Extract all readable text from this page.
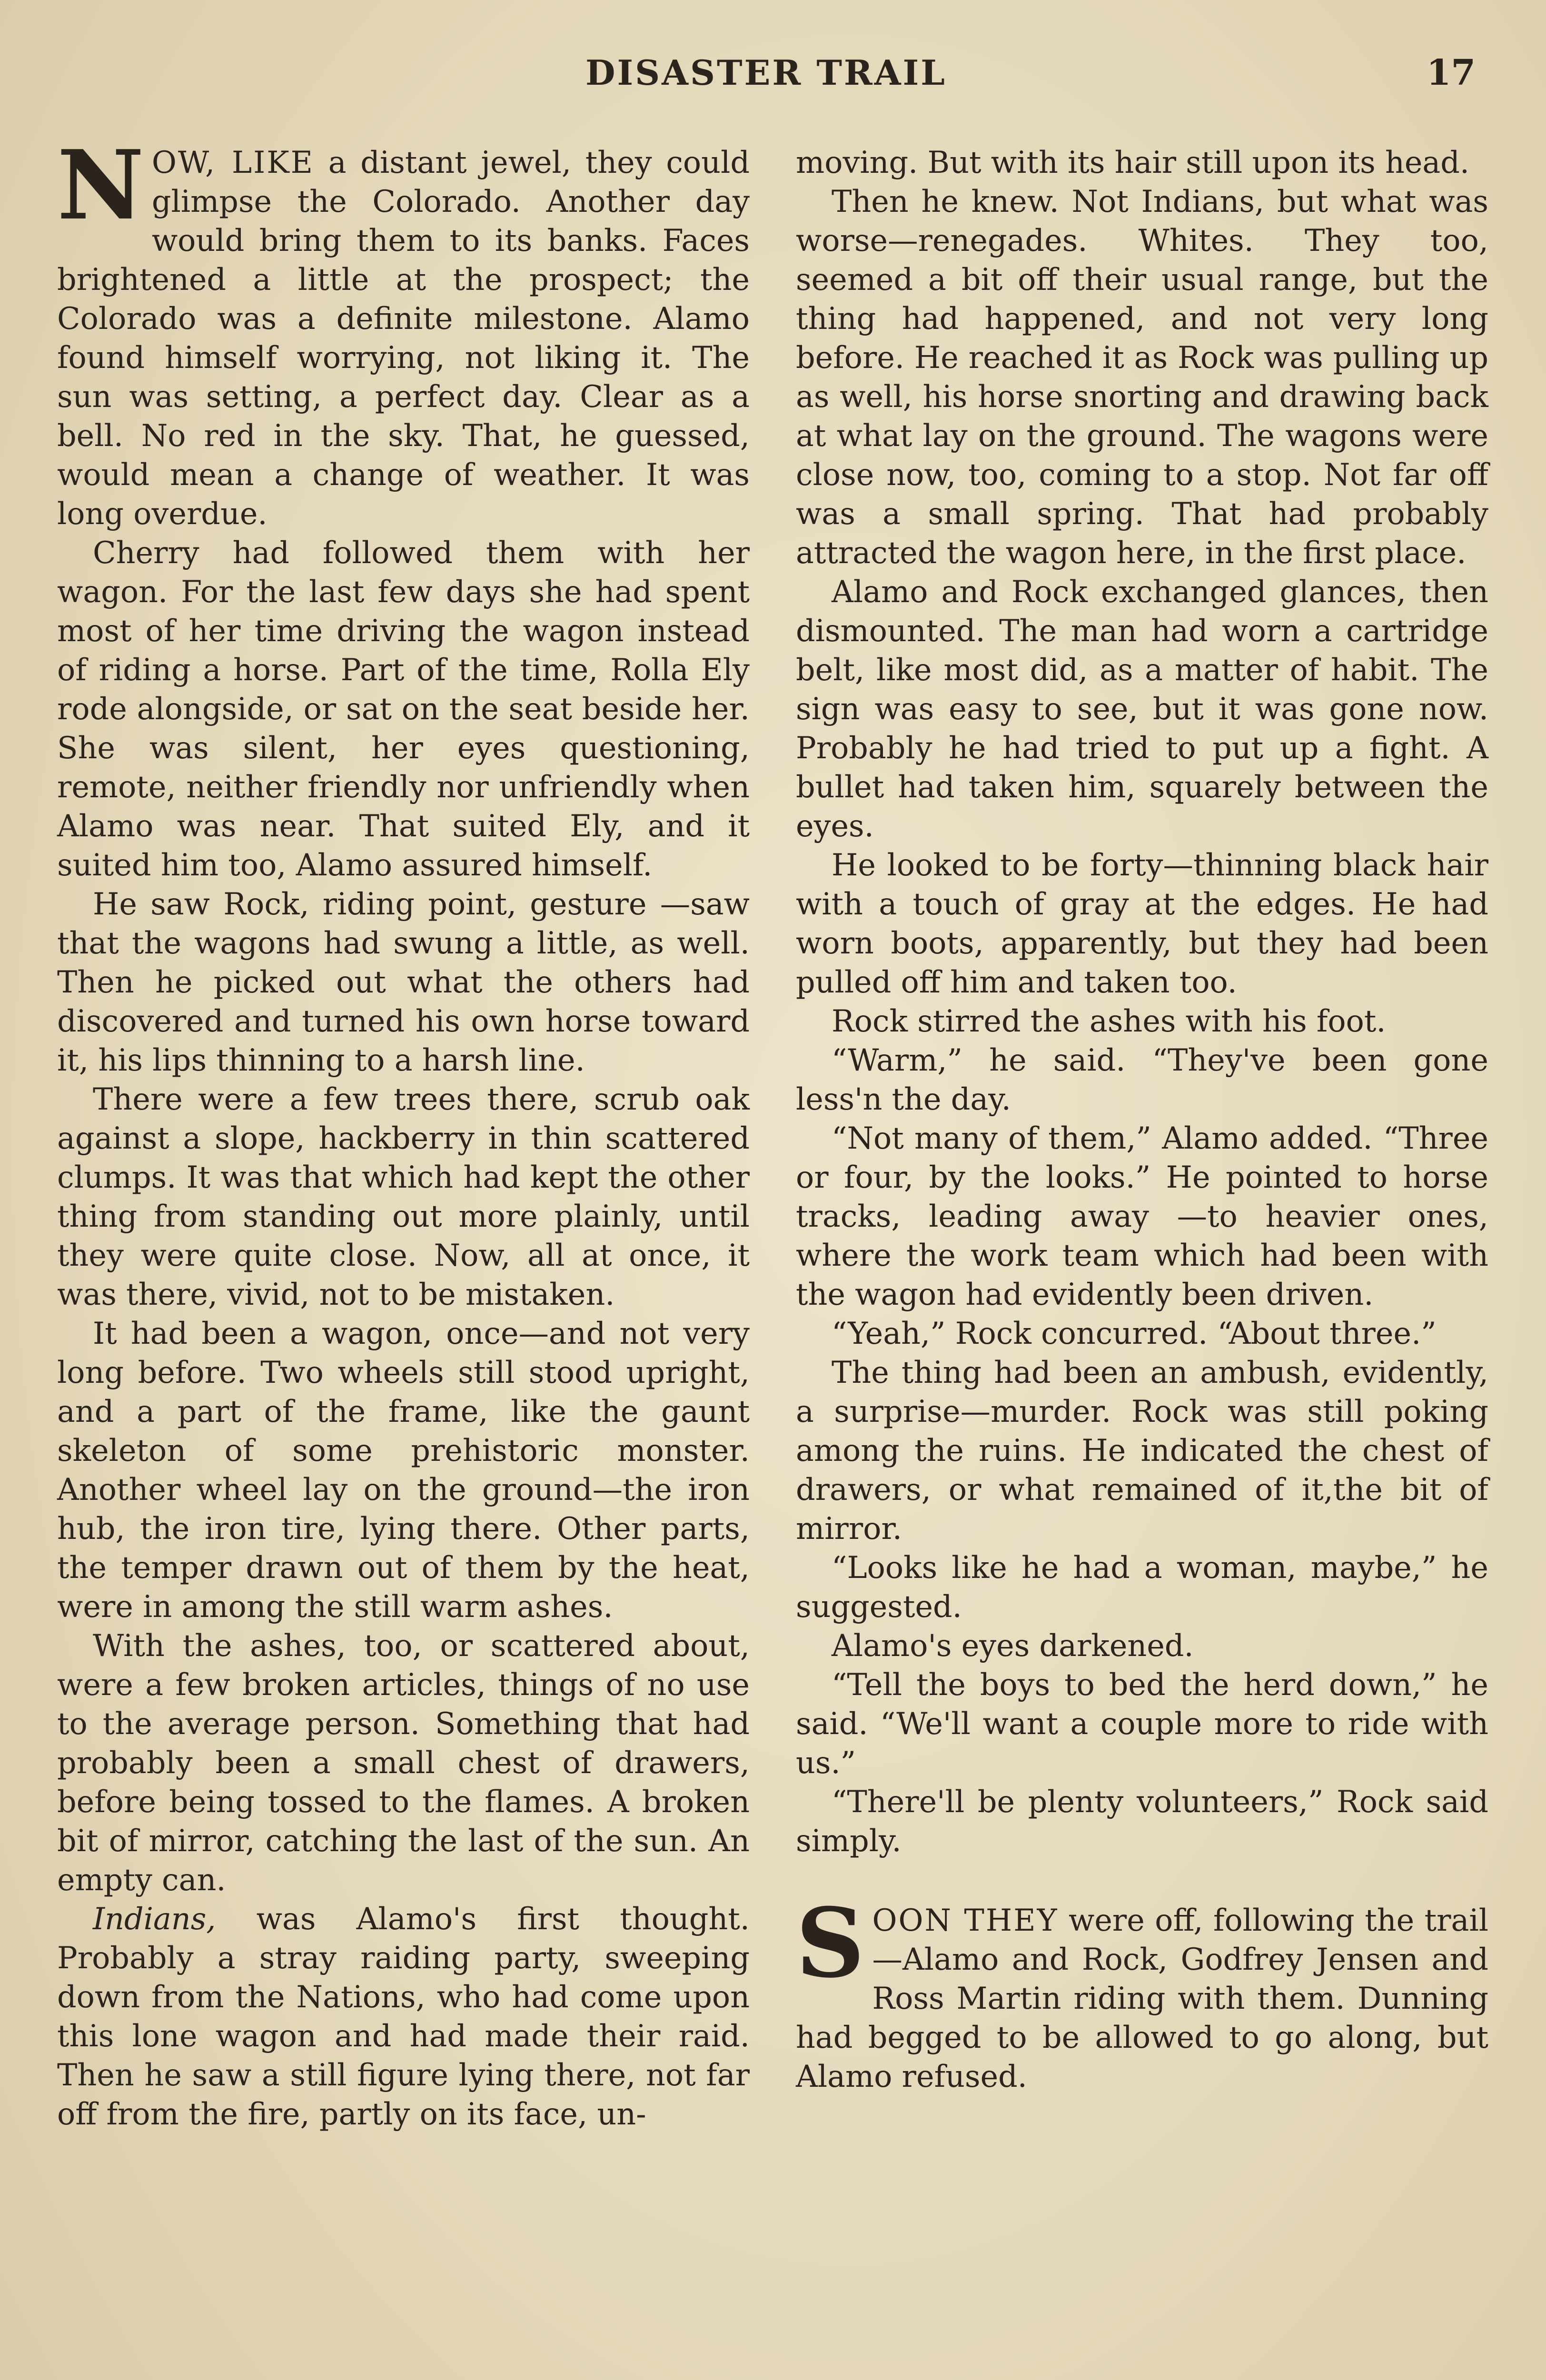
DISASTER TRAIL	17

NOW, LIKE a distant jewel, they could glimpse the Colorado. Another day would bring them to its banks. Faces brightened a little at the prospect; the Colorado was a definite milestone. Alamo found himself worrying, not liking it. The sun was setting, a perfect day. Clear as a bell. No red in the sky. That, he guessed, would mean a change of weather. It was long overdue.

Cherry had followed them with her wagon. For the last few days she had spent most of her time driving the wagon instead of riding a horse. Part of the time, Rolla Ely rode alongside, or sat on the seat beside her. She was silent, her eyes questioning, remote, neither friendly nor unfriendly when Alamo was near. That suited Ely, and it suited him too, Alamo assured himself.

He saw Rock, riding point, gesture —saw that the wagons had swung a little, as well. Then he picked out what the others had discovered and turned his own horse toward it, his lips thinning to a harsh line.

There were a few trees there, scrub oak against a slope, hackberry in thin scattered clumps. It was that which had kept the other thing from standing out more plainly, until they were quite close. Now, all at once, it was there, vivid, not to be mistaken.

It had been a wagon, once—and not very long before. Two wheels still stood upright, and a part of the frame, like the gaunt skeleton of some prehistoric monster. Another wheel lay on the ground—the iron hub, the iron tire, lying there. Other parts, the temper drawn out of them by the heat, were in among the still warm ashes.

With the ashes, too, or scattered about, were a few broken articles, things of no use to the average person. Something that had probably been a small chest of drawers, before being tossed to the flames. A broken bit of mirror, catching the last of the sun. An empty can.

Indians, was Alamo's first thought. Probably a stray raiding party, sweeping down from the Nations, who had come upon this lone wagon and had made their raid. Then he saw a still figure lying there, not far off from the fire, partly on its face, un-

moving. But with its hair still upon its head.

Then he knew. Not Indians, but what was worse—renegades. Whites. They too, seemed a bit off their usual range, but the thing had happened, and not very long before. He reached it as Rock was pulling up as well, his horse snorting and drawing back at what lay on the ground. The wagons were close now, too, coming to a stop. Not far off was a small spring. That had probably attracted the wagon here, in the first place.

Alamo and Rock exchanged glances, then dismounted. The man had worn a cartridge belt, like most did, as a matter of habit. The sign was easy to see, but it was gone now. Probably he had tried to put up a fight. A bullet had taken him, squarely between the eyes.

He looked to be forty—thinning black hair with a touch of gray at the edges. He had worn boots, apparently, but they had been pulled off him and taken too.

Rock stirred the ashes with his foot.

“Warm,” he said. “They've been gone less'n the day.

“Not many of them,” Alamo added. “Three or four, by the looks.” He pointed to horse tracks, leading away —to heavier ones, where the work team which had been with the wagon had evidently been driven.

“Yeah,” Rock concurred. “About three.”

The thing had been an ambush, evidently, a surprise—murder. Rock was still poking among the ruins. He indicated the chest of drawers, or what remained of it,the bit of mirror.

“Looks like he had a woman, maybe,” he suggested.

Alamo's eyes darkened.

“Tell the boys to bed the herd down,” he said. “We'll want a couple more to ride with us.”

“There'll be plenty volunteers,” Rock said simply.

SOON THEY were off, following the trail—Alamo and Rock, Godfrey Jensen and Ross Martin riding with them. Dunning had begged to be allowed to go along, but Alamo refused.
